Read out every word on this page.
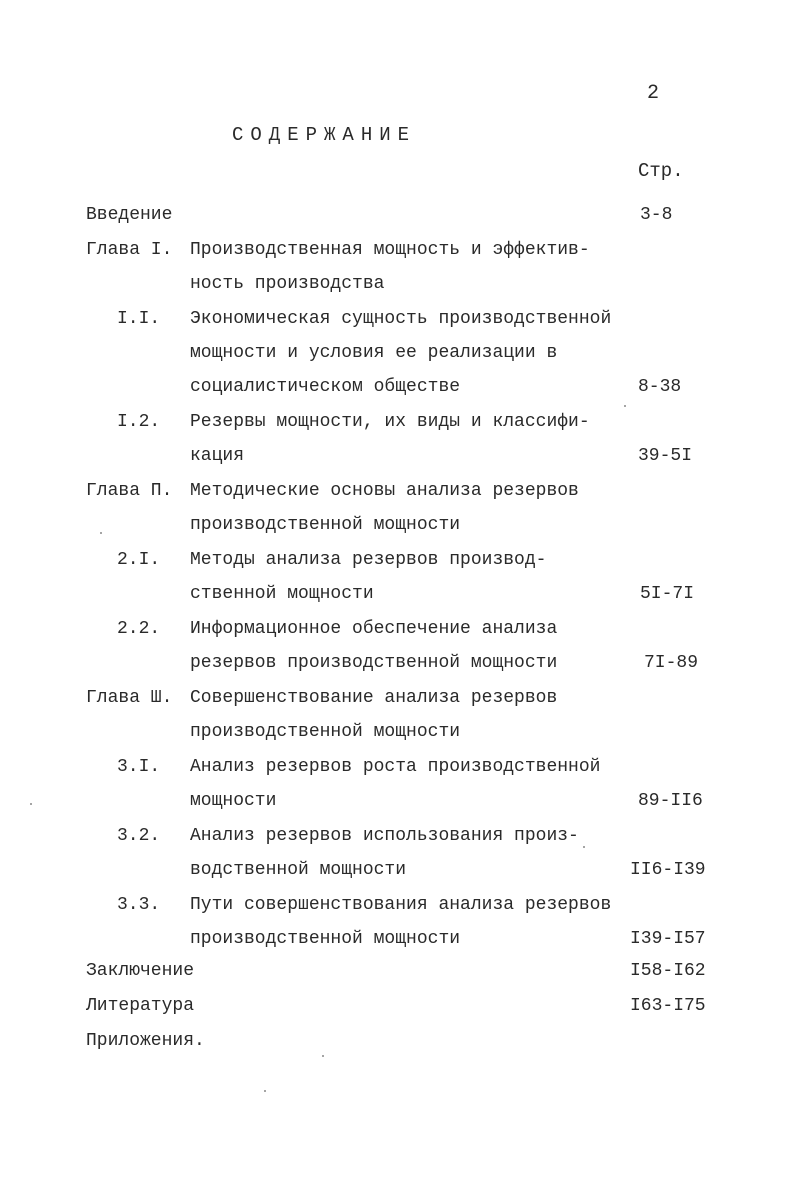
2
СОДЕРЖАНИЕ
Стр.
Введение	3-8
Глава I. Производственная мощность и эффектив-
ность производства
I.I. Экономическая сущность производственной
мощности и условия ее реализации в
социалистическом обществе	8-38
I.2. Резервы мощности, их виды и классифи-
кация	39-5I
Глава П. Методические основы анализа резервов
производственной мощности
2.I. Методы анализа резервов производ-
ственной мощности	5I-7I
2.2. Информационное обеспечение анализа
резервов производственной мощности	7I-89
Глава Ш. Совершенствование анализа резервов
производственной мощности
3.I. Анализ резервов роста производственной
мощности	89-II6
3.2. Анализ резервов использования произ-
водственной мощности	II6-I39
3.3. Пути совершенствования анализа резервов
производственной мощности	I39-I57
Заключение	I58-I62
Литература	I63-I75
Приложения.
